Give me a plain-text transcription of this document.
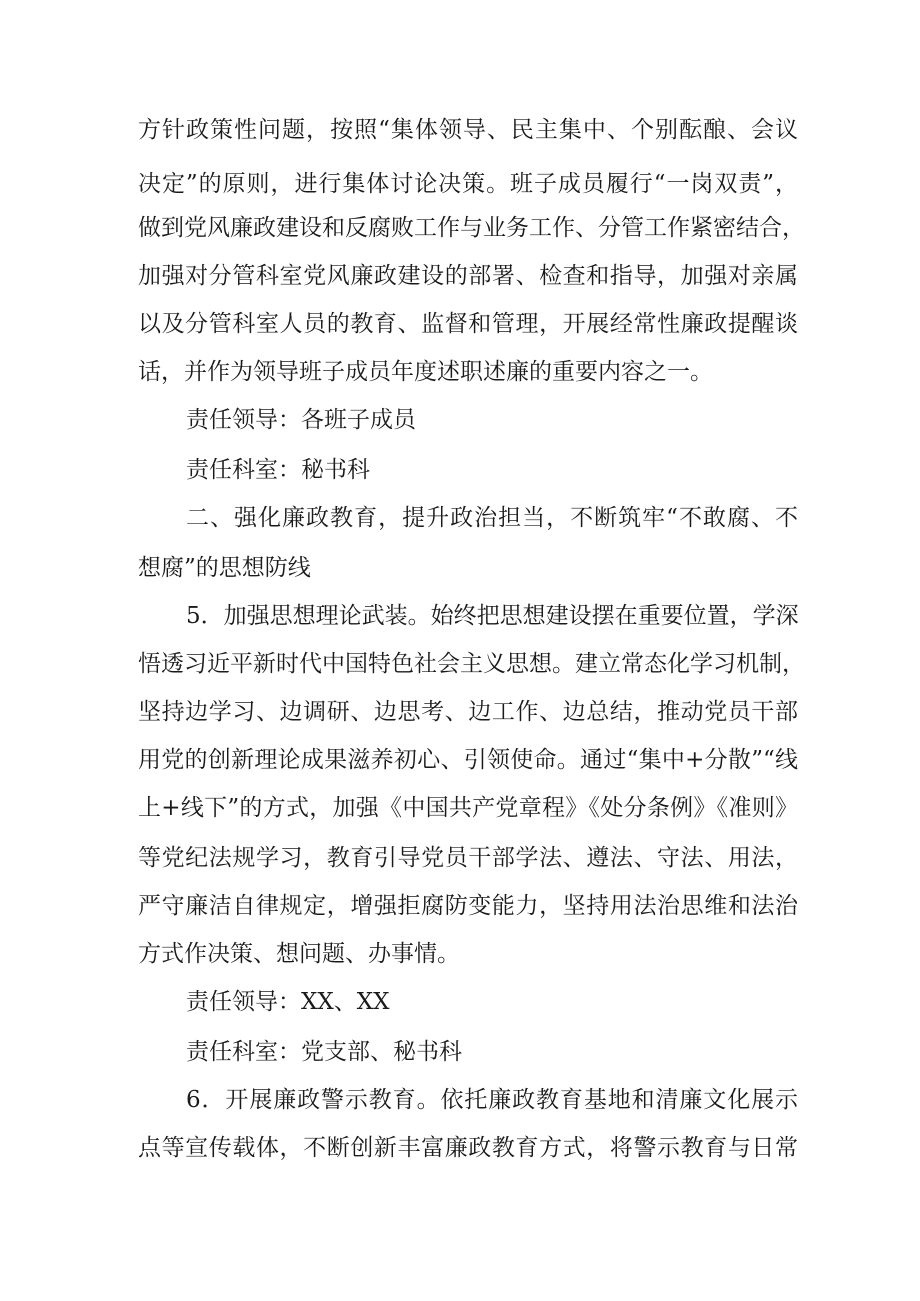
方针政策性问题，按照“集体领导、民主集中、个别酝酿、会议
决定”的原则，进行集体讨论决策。班子成员履行“一岗双责”，
做到党风廉政建设和反腐败工作与业务工作、分管工作紧密结合，
加强对分管科室党风廉政建设的部署、检查和指导，加强对亲属
以及分管科室人员的教育、监督和管理，开展经常性廉政提醒谈
话，并作为领导班子成员年度述职述廉的重要内容之一。
责任领导：各班子成员
责任科室：秘书科
二、强化廉政教育，提升政治担当，不断筑牢“不敢腐、不
想腐”的思想防线
5．加强思想理论武装。始终把思想建设摆在重要位置，学深
悟透习近平新时代中国特色社会主义思想。建立常态化学习机制，
坚持边学习、边调研、边思考、边工作、边总结，推动党员干部
用党的创新理论成果滋养初心、引领使命。通过“集中+分散”“线
上+线下”的方式，加强《中国共产党章程》《处分条例》《准则》
等党纪法规学习，教育引导党员干部学法、遵法、守法、用法，
严守廉洁自律规定，增强拒腐防变能力，坚持用法治思维和法治
方式作决策、想问题、办事情。
责任领导：XX、XX
责任科室：党支部、秘书科
6．开展廉政警示教育。依托廉政教育基地和清廉文化展示
点等宣传载体，不断创新丰富廉政教育方式，将警示教育与日常
